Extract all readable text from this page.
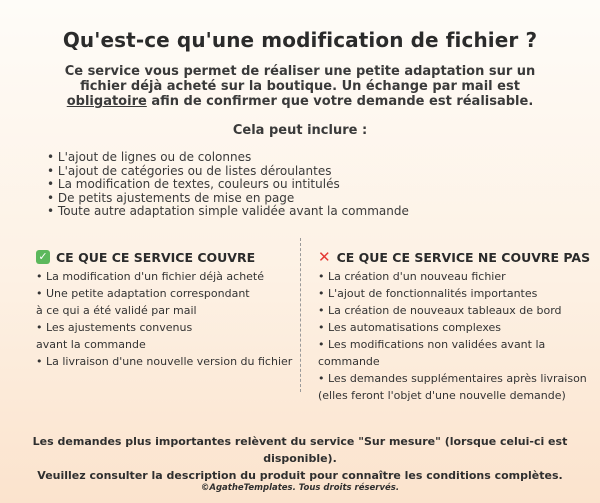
Qu'est-ce qu'une modification de fichier ?
Ce service vous permet de réaliser une petite adaptation sur un fichier déjà acheté sur la boutique. Un échange par mail est obligatoire afin de confirmer que votre demande est réalisable.
Cela peut inclure :
• L'ajout de lignes ou de colonnes
• L'ajout de catégories ou de listes déroulantes
• La modification de textes, couleurs ou intitulés
• De petits ajustements de mise en page
• Toute autre adaptation simple validée avant la commande
✓ CE QUE CE SERVICE COUVRE
• La modification d'un fichier déjà acheté
• Une petite adaptation correspondant
à ce qui a été validé par mail
• Les ajustements convenus
avant la commande
• La livraison d'une nouvelle version du fichier
✕ CE QUE CE SERVICE NE COUVRE PAS
• La création d'un nouveau fichier
• L'ajout de fonctionnalités importantes
• La création de nouveaux tableaux de bord
• Les automatisations complexes
• Les modifications non validées avant la
commande
• Les demandes supplémentaires après livraison
(elles feront l'objet d'une nouvelle demande)
Les demandes plus importantes relèvent du service "Sur mesure" (lorsque celui-ci est disponible).
Veuillez consulter la description du produit pour connaître les conditions complètes.
©AgatheTemplates. Tous droits réservés.
